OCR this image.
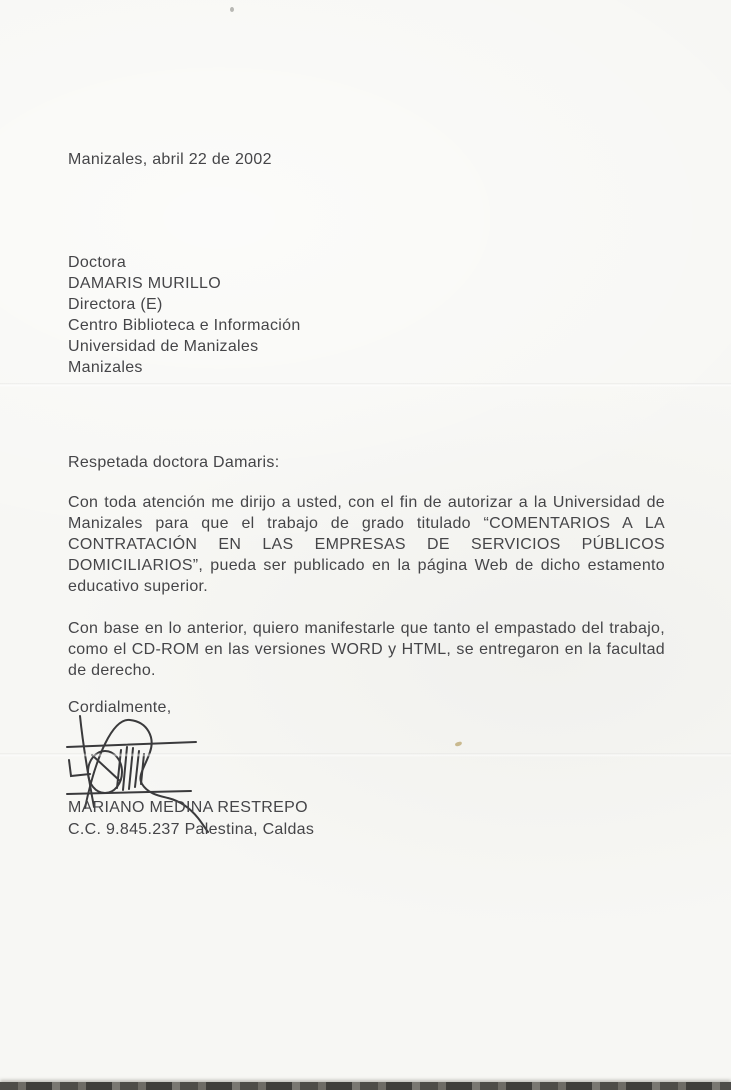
Manizales, abril 22 de 2002
Doctora
DAMARIS MURILLO
Directora (E)
Centro Biblioteca e Información
Universidad de Manizales
Manizales
Respetada doctora Damaris:
Con toda atención me dirijo a usted, con el fin de autorizar a la Universidad de Manizales para que el trabajo de grado titulado “COMENTARIOS A LA CONTRATACIÓN EN LAS EMPRESAS DE SERVICIOS PÚBLICOS DOMICILIARIOS”, pueda ser publicado en la página Web de dicho estamento educativo superior.
Con base en lo anterior, quiero manifestarle que tanto el empastado del trabajo, como el CD-ROM en las versiones WORD y HTML, se entregaron en la facultad de derecho.
Cordialmente,
MARIANO MEDINA RESTREPO
C.C. 9.845.237 Palestina, Caldas
